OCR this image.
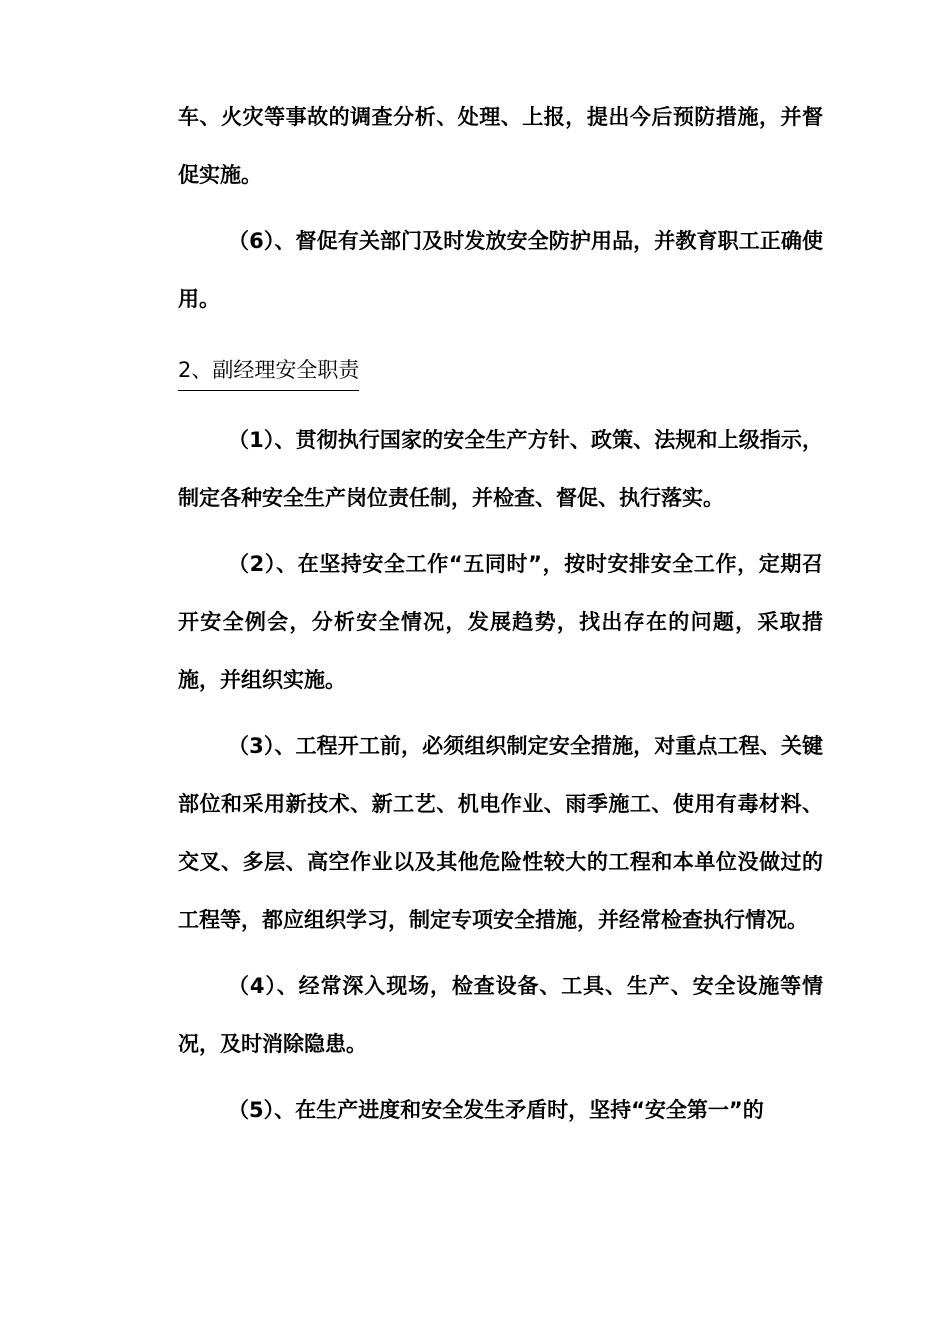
车、火灾等事故的调查分析、处理、上报，提出今后预防措施，并督促实施。

（6）、督促有关部门及时发放安全防护用品，并教育职工正确使用。

2、副经理安全职责

（1）、贯彻执行国家的安全生产方针、政策、法规和上级指示，制定各种安全生产岗位责任制，并检查、督促、执行落实。

（2）、在坚持安全工作“五同时”，按时安排安全工作，定期召开安全例会，分析安全情况，发展趋势，找出存在的问题，采取措施，并组织实施。

（3）、工程开工前，必须组织制定安全措施，对重点工程、关键部位和采用新技术、新工艺、机电作业、雨季施工、使用有毒材料、交叉、多层、高空作业以及其他危险性较大的工程和本单位没做过的工程等，都应组织学习，制定专项安全措施，并经常检查执行情况。

（4）、经常深入现场，检查设备、工具、生产、安全设施等情况，及时消除隐患。

（5）、在生产进度和安全发生矛盾时，坚持“安全第一”的
